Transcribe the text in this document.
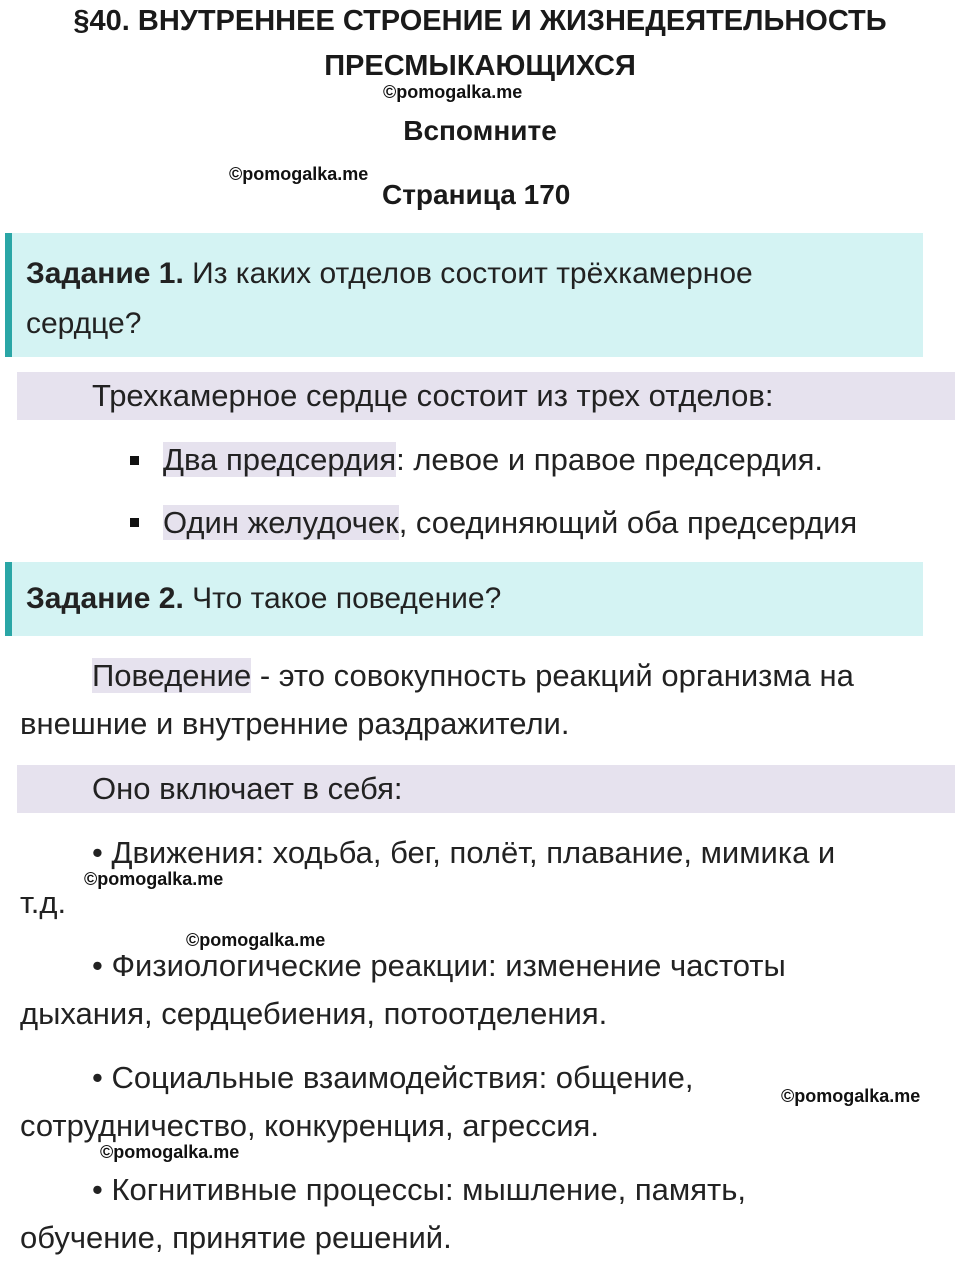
§40. ВНУТРЕННЕЕ СТРОЕНИЕ И ЖИЗНЕДЕЯТЕЛЬНОСТЬ
ПРЕСМЫКАЮЩИХСЯ
©pomogalka.me
Вспомните
©pomogalka.me
Страница 170
Задание 1. Из каких отделов состоит трёхкамерное
сердце?
Трехкамерное сердце состоит из трех отделов:
Два предсердия: левое и правое предсердия.
Один желудочек, соединяющий оба предсердия
Задание 2. Что такое поведение?
Поведение - это совокупность реакций организма на
внешние и внутренние раздражители.
Оно включает в себя:
• Движения: ходьба, бег, полёт, плавание, мимика и
©pomogalka.me
т.д.
©pomogalka.me
• Физиологические реакции: изменение частоты
дыхания, сердцебиения, потоотделения.
• Социальные взаимодействия: общение,
©pomogalka.me
сотрудничество, конкуренция, агрессия.
©pomogalka.me
• Когнитивные процессы: мышление, память,
обучение, принятие решений.
